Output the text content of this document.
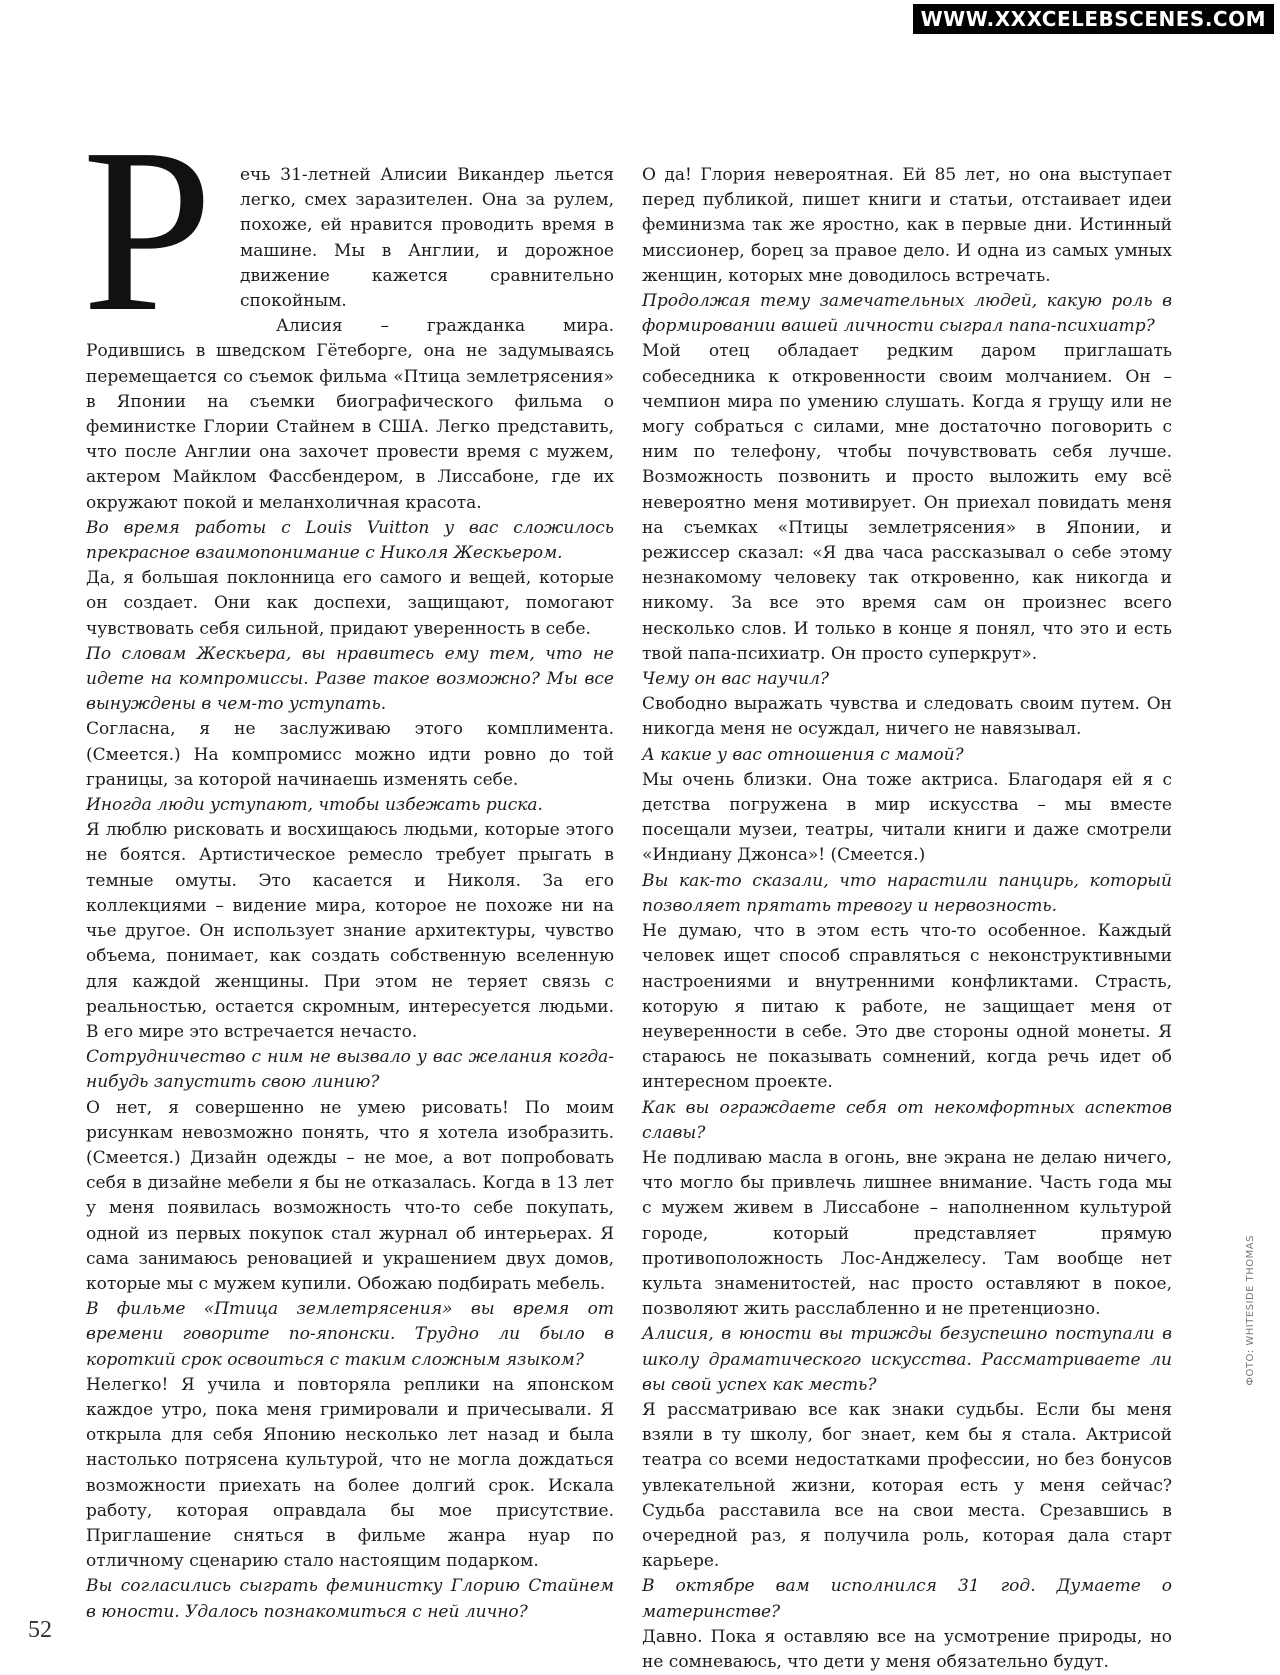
WWW.XXXCELEBSCENES.COM
Р	ечь 31-летней Алисии Викандер льется легко, смех заразителен. Она за рулем, похоже, ей нравится проводить время в машине. Мы в Англии, и дорожное движение кажется сравнительно спокойным.

Алисия – гражданка мира. Родившись в шведском Гётеборге, она не задумываясь перемещается со съемок фильма «Птица землетрясения» в Японии на съемки биографического фильма о феминистке Глории Стайнем в США. Легко представить, что после Англии она захочет провести время с мужем, актером Майклом Фассбендером, в Лиссабоне, где их окружают покой и меланхоличная красота.

Во время работы с Louis Vuitton у вас сложилось прекрасное взаимопонимание с Николя Жескьером.

Да, я большая поклонница его самого и вещей, которые он создает. Они как доспехи, защищают, помогают чувствовать себя сильной, придают уверенность в себе.

По словам Жескьера, вы нравитесь ему тем, что не идете на компромиссы. Разве такое возможно? Мы все вынуждены в чем-то уступать.

Согласна, я не заслуживаю этого комплимента. (Смеется.) На компромисс можно идти ровно до той границы, за которой начинаешь изменять себе.

Иногда люди уступают, чтобы избежать риска.

Я люблю рисковать и восхищаюсь людьми, которые этого не боятся. Артистическое ремесло требует прыгать в темные омуты. Это касается и Николя. За его коллекциями – видение мира, которое не похоже ни на чье другое. Он использует знание архитектуры, чувство объема, понимает, как создать собственную вселенную для каждой женщины. При этом не теряет связь с реальностью, остается скромным, интересуется людьми. В его мире это встречается нечасто.

Сотрудничество с ним не вызвало у вас желания когда-нибудь запустить свою линию?

О нет, я совершенно не умею рисовать! По моим рисункам невозможно понять, что я хотела изобразить. (Смеется.) Дизайн одежды – не мое, а вот попробовать себя в дизайне мебели я бы не отказалась. Когда в 13 лет у меня появилась возможность что-то себе покупать, одной из первых покупок стал журнал об интерьерах. Я сама занимаюсь реновацией и украшением двух домов, которые мы с мужем купили. Обожаю подбирать мебель.

В фильме «Птица землетрясения» вы время от времени говорите по-японски. Трудно ли было в короткий срок освоиться с таким сложным языком?

Нелегко! Я учила и повторяла реплики на японском каждое утро, пока меня гримировали и причесывали. Я открыла для себя Японию несколько лет назад и была настолько потрясена культурой, что не могла дождаться возможности приехать на более долгий срок. Искала работу, которая оправдала бы мое присутствие. Приглашение сняться в фильме жанра нуар по отличному сценарию стало настоящим подарком.

Вы согласились сыграть феминистку Глорию Стайнем в юности. Удалось познакомиться с ней лично?

О да! Глория невероятная. Ей 85 лет, но она выступает перед публикой, пишет книги и статьи, отстаивает идеи феминизма так же яростно, как в первые дни. Истинный миссионер, борец за правое дело. И одна из самых умных женщин, которых мне доводилось встречать.

Продолжая тему замечательных людей, какую роль в формировании вашей личности сыграл папа-психиатр?

Мой отец обладает редким даром приглашать собеседника к откровенности своим молчанием. Он – чемпион мира по умению слушать. Когда я грущу или не могу собраться с силами, мне достаточно поговорить с ним по телефону, чтобы почувствовать себя лучше. Возможность позвонить и просто выложить ему всё невероятно меня мотивирует. Он приехал повидать меня на съемках «Птицы землетрясения» в Японии, и режиссер сказал: «Я два часа рассказывал о себе этому незнакомому человеку так откровенно, как никогда и никому. За все это время сам он произнес всего несколько слов. И только в конце я понял, что это и есть твой папа-психиатр. Он просто суперкрут».

Чему он вас научил?

Свободно выражать чувства и следовать своим путем. Он никогда меня не осуждал, ничего не навязывал.

А какие у вас отношения с мамой?

Мы очень близки. Она тоже актриса. Благодаря ей я с детства погружена в мир искусства – мы вместе посещали музеи, театры, читали книги и даже смотрели «Индиану Джонса»! (Смеется.)

Вы как-то сказали, что нарастили панцирь, который позволяет прятать тревогу и нервозность.

Не думаю, что в этом есть что-то особенное. Каждый человек ищет способ справляться с неконструктивными настроениями и внутренними конфликтами. Страсть, которую я питаю к работе, не защищает меня от неуверенности в себе. Это две стороны одной монеты. Я стараюсь не показывать сомнений, когда речь идет об интересном проекте.

Как вы ограждаете себя от некомфортных аспектов славы?

Не подливаю масла в огонь, вне экрана не делаю ничего, что могло бы привлечь лишнее внимание. Часть года мы с мужем живем в Лиссабоне – наполненном культурой городе, который представляет прямую противоположность Лос-Анджелесу. Там вообще нет культа знаменитостей, нас просто оставляют в покое, позволяют жить расслабленно и не претенциозно.

Алисия, в юности вы трижды безуспешно поступали в школу драматического искусства. Рассматриваете ли вы свой успех как месть?

Я рассматриваю все как знаки судьбы. Если бы меня взяли в ту школу, бог знает, кем бы я стала. Актрисой театра со всеми недостатками профессии, но без бонусов увлекательной жизни, которая есть у меня сейчас? Судьба расставила все на свои места. Срезавшись в очередной раз, я получила роль, которая дала старт карьере.

В октябре вам исполнился 31 год. Думаете о материнстве?

Давно. Пока я оставляю все на усмотрение природы, но не сомневаюсь, что дети у меня обязательно будут.

ФОТО: WHITESIDE THOMAS
52
